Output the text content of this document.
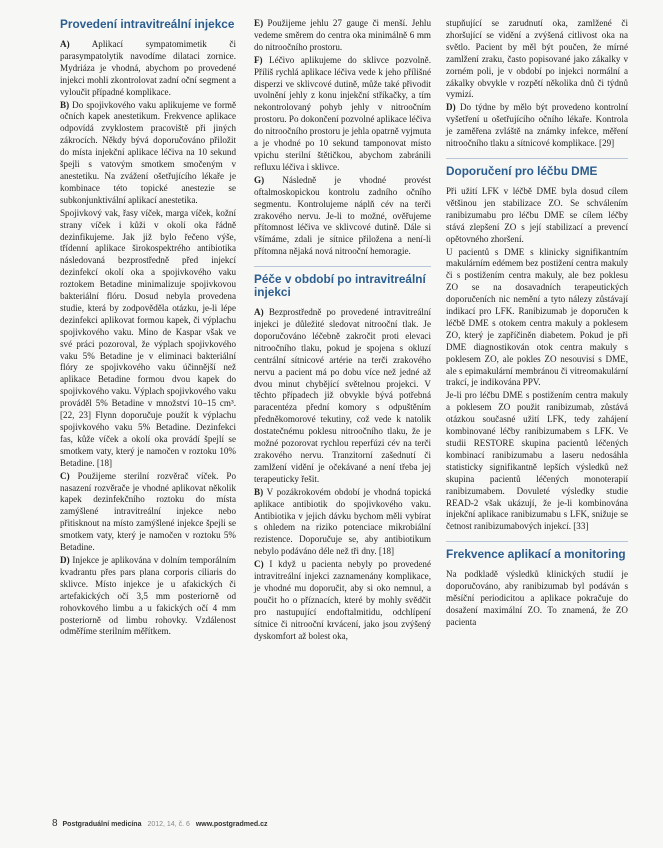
Provedení intravitreální injekce

A) Aplikací sympatomimetik či parasympatolytik navodíme dilataci zornice. Mydriáza je vhodná, abychom po provedené injekci mohli zkontrolovat zadní oční segment a vyloučit případné komplikace.

B) Do spojivkového vaku aplikujeme ve formě očních kapek anestetikum. Frekvence aplikace odpovídá zvyklostem pracoviště při jiných zákrocích. Někdy bývá doporučováno přiložit do místa injekční aplikace léčiva na 10 sekund špejli s vatovým smotkem smočeným v anestetiku. Na zvážení ošetřujícího lékaře je kombinace této topické anestezie se subkonjunktivální aplikací anestetika.

Spojivkový vak, řasy víček, marga víček, kožní strany víček i kůži v okolí oka řádně dezinfikujeme. Jak již bylo řečeno výše, třídenní aplikace širokospektrého antibiotika následovaná bezprostředně před injekcí dezinfekcí okolí oka a spojivkového vaku roztokem Betadine minimalizuje spojivkovou bakteriální flóru. Dosud nebyla provedena studie, která by zodpověděla otázku, je-li lépe dezinfekci aplikovat formou kapek, či výplachu spojivkového vaku. Mino de Kaspar však ve své práci pozoroval, že výplach spojivkového vaku 5% Betadine je v eliminaci bakteriální flóry ze spojivkového vaku účinnější než aplikace Betadine formou dvou kapek do spojivkového vaku. Výplach spojivkového vaku prováděl 5% Betadine v množství 10–15 cm³. [22, 23] Flynn doporučuje použít k výplachu spojivkového vaku 5% Betadine. Dezinfekci fas, kůže víček a okolí oka provádí špejlí se smotkem vaty, který je namočen v roztoku 10% Betadine. [18]

C) Použijeme sterilní rozvěrač víček. Po nasazení rozvěrače je vhodné aplikovat několik kapek dezinfekčního roztoku do místa zamýšlené intravitreální injekce nebo přitisknout na místo zamýšlené injekce špejli se smotkem vaty, který je namočen v roztoku 5% Betadine.

D) Injekce je aplikována v dolním temporálním kvadrantu přes pars plana corporis ciliaris do sklivce. Místo injekce je u afakických či artefakických očí 3,5 mm posteriorně od rohovkového limbu a u fakických očí 4 mm posteriorně od limbu rohovky. Vzdálenost odměříme sterilním měřítkem.

E) Použijeme jehlu 27 gauge či menší. Jehlu vedeme směrem do centra oka minimálně 6 mm do nitroočního prostoru.

F) Léčivo aplikujeme do sklivce pozvolně. Příliš rychlá aplikace léčiva vede k jeho přílišné disperzi ve sklivcové dutině, může také přivodit uvolnění jehly z konu injekční stříkačky, a tím nekontrolovaný pohyb jehly v nitroočním prostoru. Po dokončení pozvolné aplikace léčiva do nitroočního prostoru je jehla opatrně vyjmuta a je vhodné po 10 sekund tamponovat místo vpichu sterilní štětičkou, abychom zabránili refluxu léčiva i sklivce.

G) Následně je vhodné provést oftalmoskopickou kontrolu zadního očního segmentu. Kontrolujeme náplň cév na terči zrakového nervu. Je-li to možné, ověřujeme přítomnost léčiva ve sklivcové dutině. Dále si všímáme, zdali je sítnice přiložena a není-li přítomna nějaká nová nitrooční hemoragie.

Péče v období po intravitreální injekci

A) Bezprostředně po provedené intravitreální injekci je důležité sledovat nitrooční tlak. Je doporučováno léčebně zakročit proti elevaci nitroočního tlaku, pokud je spojena s okluzí centrální sítnicové artérie na terči zrakového nervu a pacient má po dobu více než jedné až dvou minut chybějící světelnou projekci. V těchto případech již obvykle bývá potřebná paracentéza přední komory s odpuštěním předněkomorové tekutiny, což vede k natolik dostatečnému poklesu nitroočního tlaku, že je možné pozorovat rychlou reperfúzi cév na terči zrakového nervu. Tranzitorní zašednutí či zamlžení vidění je očekávané a není třeba jej terapeuticky řešit.

B) V pozákrokovém období je vhodná topická aplikace antibiotik do spojivkového vaku. Antibiotika v jejich dávku bychom měli vybírat s ohledem na riziko potenciace mikrobiální rezistence. Doporučuje se, aby antibiotikum nebylo podáváno déle než tři dny. [18]

C) I když u pacienta nebyly po provedené intravitreální injekci zaznamenány komplikace, je vhodné mu doporučit, aby si oko nemnul, a poučit ho o příznacích, které by mohly svědčit pro nastupující endoftalmitidu, odchlípení sítnice či nitrooční krvácení, jako jsou zvýšený dyskomfort až bolest oka,

stupňující se zarudnutí oka, zamlžené či zhoršující se vidění a zvýšená citlivost oka na světlo. Pacient by měl být poučen, že mírné zamlžení zraku, často popisované jako zákalky v zorném poli, je v období po injekci normální a zákalky obvykle v rozpětí několika dnů či týdnů vymizí.

D) Do týdne by mělo být provedeno kontrolní vyšetření u ošetřujícího očního lékaře. Kontrola je zaměřena zvláště na známky infekce, měření nitroočního tlaku a sítnicové komplikace. [29]

Doporučení pro léčbu DME

Při užití LFK v léčbě DME byla dosud cílem většinou jen stabilizace ZO. Se schválením ranibizumabu pro léčbu DME se cílem léčby stává zlepšení ZO s její stabilizací a prevencí opětovného zhoršení.

U pacientů s DME s klinicky signifikantním makulárním edémem bez postižení centra makuly či s postižením centra makuly, ale bez poklesu ZO se na dosavadních terapeutických doporučeních nic nemění a tyto nálezy zůstávají indikací pro LFK. Ranibizumab je doporučen k léčbě DME s otokem centra makuly a poklesem ZO, který je zapříčiněn diabetem. Pokud je při DME diagnostikován otok centra makuly s poklesem ZO, ale pokles ZO nesouvisí s DME, ale s epimakulární membránou či vitreomakulární trakcí, je indikována PPV.

Je-li pro léčbu DME s postižením centra makuly a poklesem ZO použit ranibizumab, zůstává otázkou současné užití LFK, tedy zahájení kombinované léčby ranibizumabem s LFK. Ve studii RESTORE skupina pacientů léčených kombinací ranibizumabu a laseru nedosáhla statisticky signifikantně lepších výsledků než skupina pacientů léčených monoterapií ranibizumabem. Dovuleté výsledky studie READ-2 však ukázují, že je-li kombinována injekční aplikace ranibizumabu s LFK, snižuje se četnost ranibizumabových injekcí. [33]

Frekvence aplikací a monitoring

Na podkladě výsledků klinických studií je doporučováno, aby ranibizumab byl podáván s měsíční periodicitou a aplikace pokračuje do dosažení maximální ZO. To znamená, že ZO pacienta

8 Postgraduální medicína 2012, 14, č. 6 www.postgradmed.cz
